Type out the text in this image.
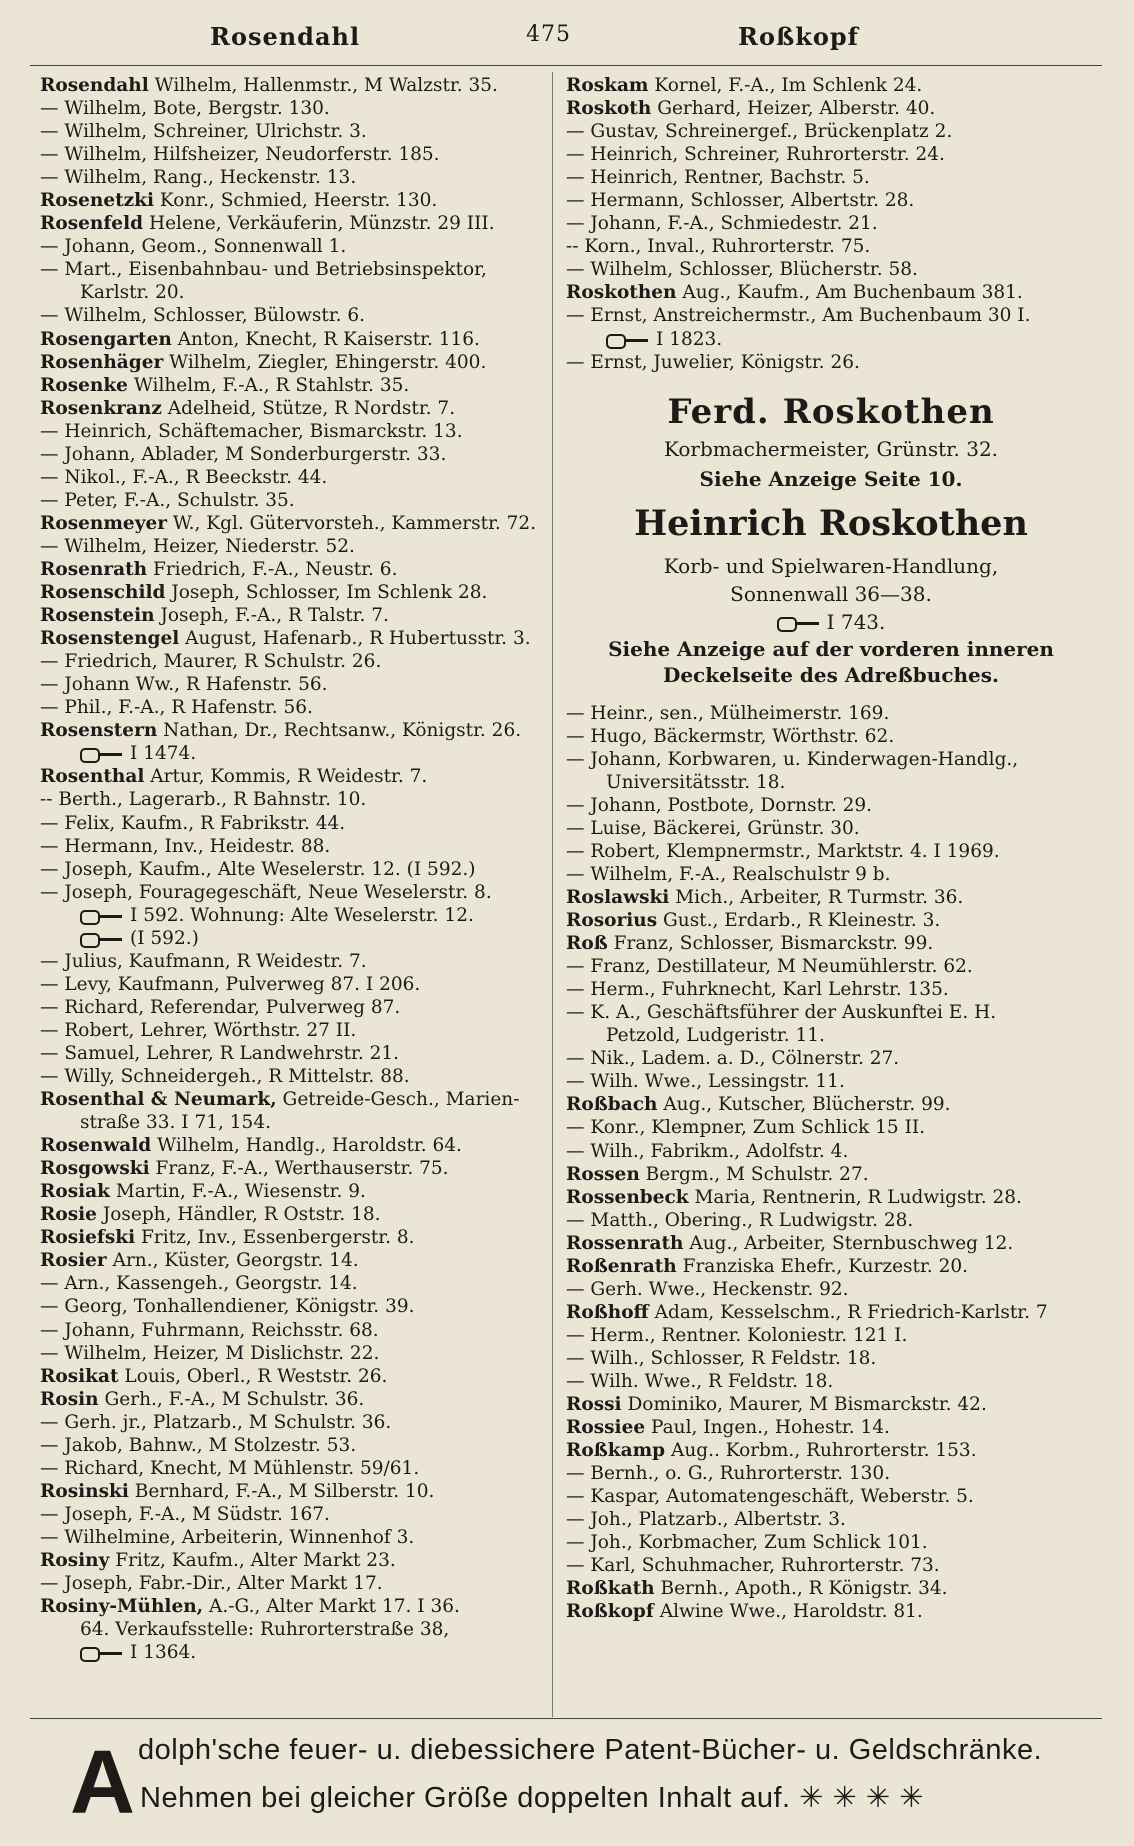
Rosendahl	475	Roßkopf
Rosendahl Wilhelm, Hallenmstr., M Walzstr. 35.
— Wilhelm, Bote, Bergstr. 130.
— Wilhelm, Schreiner, Ulrichstr. 3.
— Wilhelm, Hilfsheizer, Neudorferstr. 185.
— Wilhelm, Rang., Heckenstr. 13.
Rosenetzki Konr., Schmied, Heerstr. 130.
Rosenfeld Helene, Verkäuferin, Münzstr. 29 III.
— Johann, Geom., Sonnenwall 1.
— Mart., Eisenbahnbau- und Betriebsinspektor,
Karlstr. 20.
— Wilhelm, Schlosser, Bülowstr. 6.
Rosengarten Anton, Knecht, R Kaiserstr. 116.
Rosenhäger Wilhelm, Ziegler, Ehingerstr. 400.
Rosenke Wilhelm, F.-A., R Stahlstr. 35.
Rosenkranz Adelheid, Stütze, R Nordstr. 7.
— Heinrich, Schäftemacher, Bismarckstr. 13.
— Johann, Ablader, M Sonderburgerstr. 33.
— Nikol., F.-A., R Beeckstr. 44.
— Peter, F.-A., Schulstr. 35.
Rosenmeyer W., Kgl. Gütervorsteh., Kammerstr. 72.
— Wilhelm, Heizer, Niederstr. 52.
Rosenrath Friedrich, F.-A., Neustr. 6.
Rosenschild Joseph, Schlosser, Im Schlenk 28.
Rosenstein Joseph, F.-A., R Talstr. 7.
Rosenstengel August, Hafenarb., R Hubertusstr. 3.
— Friedrich, Maurer, R Schulstr. 26.
— Johann Ww., R Hafenstr. 56.
— Phil., F.-A., R Hafenstr. 56.
Rosenstern Nathan, Dr., Rechtsanw., Königstr. 26.
I 1474.
Rosenthal Artur, Kommis, R Weidestr. 7.
-- Berth., Lagerarb., R Bahnstr. 10.
— Felix, Kaufm., R Fabrikstr. 44.
— Hermann, Inv., Heidestr. 88.
— Joseph, Kaufm., Alte Weselerstr. 12. (I 592.)
— Joseph, Fouragegeschäft, Neue Weselerstr. 8.
I 592. Wohnung: Alte Weselerstr. 12.
(I 592.)
— Julius, Kaufmann, R Weidestr. 7.
— Levy, Kaufmann, Pulverweg 87. I 206.
— Richard, Referendar, Pulverweg 87.
— Robert, Lehrer, Wörthstr. 27 II.
— Samuel, Lehrer, R Landwehrstr. 21.
— Willy, Schneidergeh., R Mittelstr. 88.
Rosenthal & Neumark, Getreide-Gesch., Marien-
straße 33. I 71, 154.
Rosenwald Wilhelm, Handlg., Haroldstr. 64.
Rosgowski Franz, F.-A., Werthauserstr. 75.
Rosiak Martin, F.-A., Wiesenstr. 9.
Rosie Joseph, Händler, R Oststr. 18.
Rosiefski Fritz, Inv., Essenbergerstr. 8.
Rosier Arn., Küster, Georgstr. 14.
— Arn., Kassengeh., Georgstr. 14.
— Georg, Tonhallendiener, Königstr. 39.
— Johann, Fuhrmann, Reichsstr. 68.
— Wilhelm, Heizer, M Dislichstr. 22.
Rosikat Louis, Oberl., R Weststr. 26.
Rosin Gerh., F.-A., M Schulstr. 36.
— Gerh. jr., Platzarb., M Schulstr. 36.
— Jakob, Bahnw., M Stolzestr. 53.
— Richard, Knecht, M Mühlenstr. 59/61.
Rosinski Bernhard, F.-A., M Silberstr. 10.
— Joseph, F.-A., M Südstr. 167.
— Wilhelmine, Arbeiterin, Winnenhof 3.
Rosiny Fritz, Kaufm., Alter Markt 23.
— Joseph, Fabr.-Dir., Alter Markt 17.
Rosiny-Mühlen, A.-G., Alter Markt 17. I 36.
64. Verkaufsstelle: Ruhrorterstraße 38,
I 1364.
Roskam Kornel, F.-A., Im Schlenk 24.
Roskoth Gerhard, Heizer, Alberstr. 40.
— Gustav, Schreinergef., Brückenplatz 2.
— Heinrich, Schreiner, Ruhrorterstr. 24.
— Heinrich, Rentner, Bachstr. 5.
— Hermann, Schlosser, Albertstr. 28.
— Johann, F.-A., Schmiedestr. 21.
-- Korn., Inval., Ruhrorterstr. 75.
— Wilhelm, Schlosser, Blücherstr. 58.
Roskothen Aug., Kaufm., Am Buchenbaum 381.
— Ernst, Anstreichermstr., Am Buchenbaum 30 I.
I 1823.
— Ernst, Juwelier, Königstr. 26.
Ferd. Roskothen
Korbmachermeister, Grünstr. 32.
Siehe Anzeige Seite 10.
Heinrich Roskothen
Korb- und Spielwaren-Handlung,
Sonnenwall 36—38.
I 743.
Siehe Anzeige auf der vorderen inneren
Deckelseite des Adreßbuches.
— Heinr., sen., Mülheimerstr. 169.
— Hugo, Bäckermstr, Wörthstr. 62.
— Johann, Korbwaren, u. Kinderwagen-Handlg.,
Universitätsstr. 18.
— Johann, Postbote, Dornstr. 29.
— Luise, Bäckerei, Grünstr. 30.
— Robert, Klempnermstr., Marktstr. 4. I 1969.
— Wilhelm, F.-A., Realschulstr 9 b.
Roslawski Mich., Arbeiter, R Turmstr. 36.
Rosorius Gust., Erdarb., R Kleinestr. 3.
Roß Franz, Schlosser, Bismarckstr. 99.
— Franz, Destillateur, M Neumühlerstr. 62.
— Herm., Fuhrknecht, Karl Lehrstr. 135.
— K. A., Geschäftsführer der Auskunftei E. H.
Petzold, Ludgeristr. 11.
— Nik., Ladem. a. D., Cölnerstr. 27.
— Wilh. Wwe., Lessingstr. 11.
Roßbach Aug., Kutscher, Blücherstr. 99.
— Konr., Klempner, Zum Schlick 15 II.
— Wilh., Fabrikm., Adolfstr. 4.
Rossen Bergm., M Schulstr. 27.
Rossenbeck Maria, Rentnerin, R Ludwigstr. 28.
— Matth., Obering., R Ludwigstr. 28.
Rossenrath Aug., Arbeiter, Sternbuschweg 12.
Roßenrath Franziska Ehefr., Kurzestr. 20.
— Gerh. Wwe., Heckenstr. 92.
Roßhoff Adam, Kesselschm., R Friedrich-Karlstr. 7
— Herm., Rentner. Koloniestr. 121 I.
— Wilh., Schlosser, R Feldstr. 18.
— Wilh. Wwe., R Feldstr. 18.
Rossi Dominiko, Maurer, M Bismarckstr. 42.
Rossiee Paul, Ingen., Hohestr. 14.
Roßkamp Aug.. Korbm., Ruhrorterstr. 153.
— Bernh., o. G., Ruhrorterstr. 130.
— Kaspar, Automatengeschäft, Weberstr. 5.
— Joh., Platzarb., Albertstr. 3.
— Joh., Korbmacher, Zum Schlick 101.
— Karl, Schuhmacher, Ruhrorterstr. 73.
Roßkath Bernh., Apoth., R Königstr. 34.
Roßkopf Alwine Wwe., Haroldstr. 81.
A dolph'sche feuer- u. diebessichere Patent-Bücher- u. Geldschränke.
Nehmen bei gleicher Größe doppelten Inhalt auf. ✳ ✳ ✳ ✳
